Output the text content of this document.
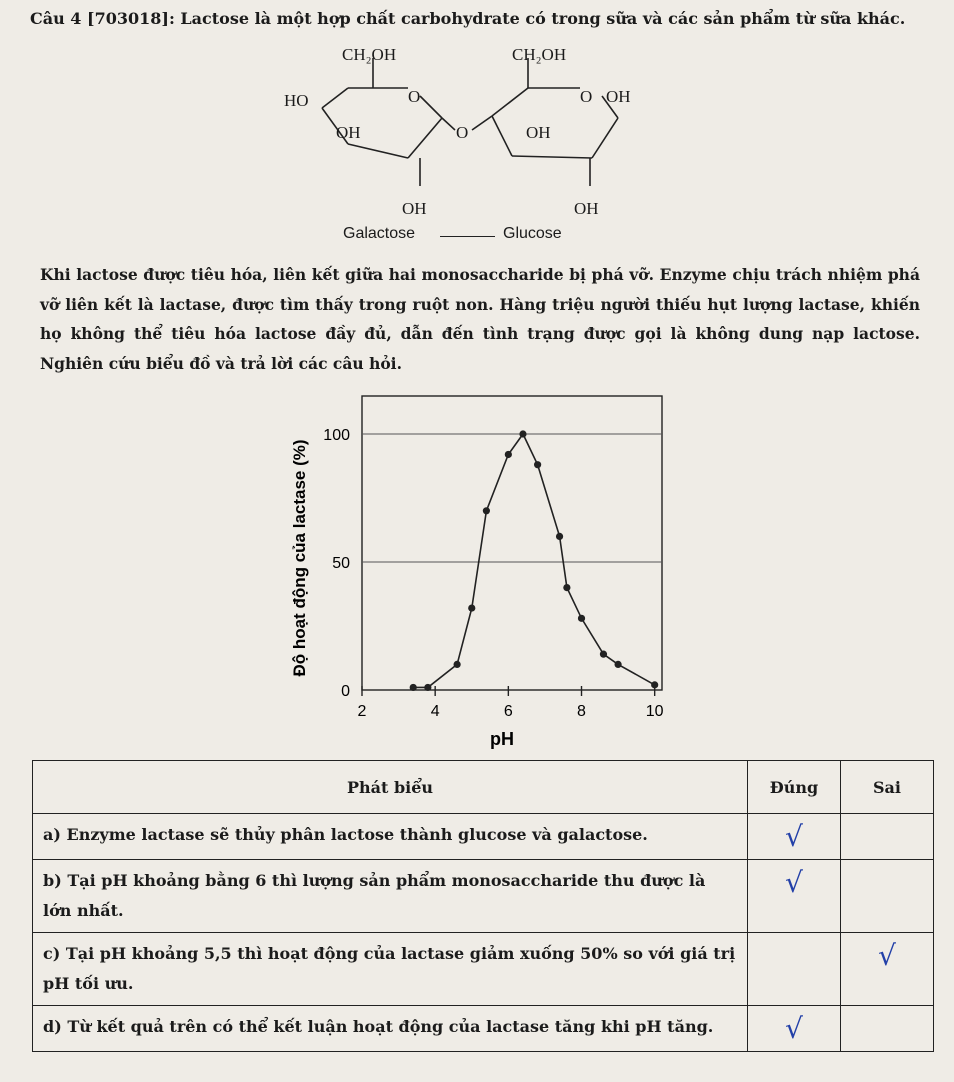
Câu 4 [703018]: Lactose là một hợp chất carbohydrate có trong sữa và các sản phẩm từ sữa khác.
CH₂OH	CH₂OH
HO	O	O
O
OH
OH
OH
OH
OH
Galactose	Glucose
Khi lactose được tiêu hóa, liên kết giữa hai monosaccharide bị phá vỡ. Enzyme chịu trách nhiệm phá vỡ liên kết là lactase, được tìm thấy trong ruột non. Hàng triệu người thiếu hụt lượng lactase, khiến họ không thể tiêu hóa lactose đầy đủ, dẫn đến tình trạng được gọi là không dung nạp lactose. Nghiên cứu biểu đồ và trả lời các câu hỏi.
0
50
100
2	4	6	8	10
Độ hoạt động của lactase (%)
pH
Phát biểu	Đúng	Sai
a) Enzyme lactase sẽ thủy phân lactose thành glucose và galactose.	√	
b) Tại pH khoảng bằng 6 thì lượng sản phẩm monosaccharide thu được là lớn nhất.	√	
c) Tại pH khoảng 5,5 thì hoạt động của lactase giảm xuống 50% so với giá trị pH tối ưu.		√
d) Từ kết quả trên có thể kết luận hoạt động của lactase tăng khi pH tăng.	√	
